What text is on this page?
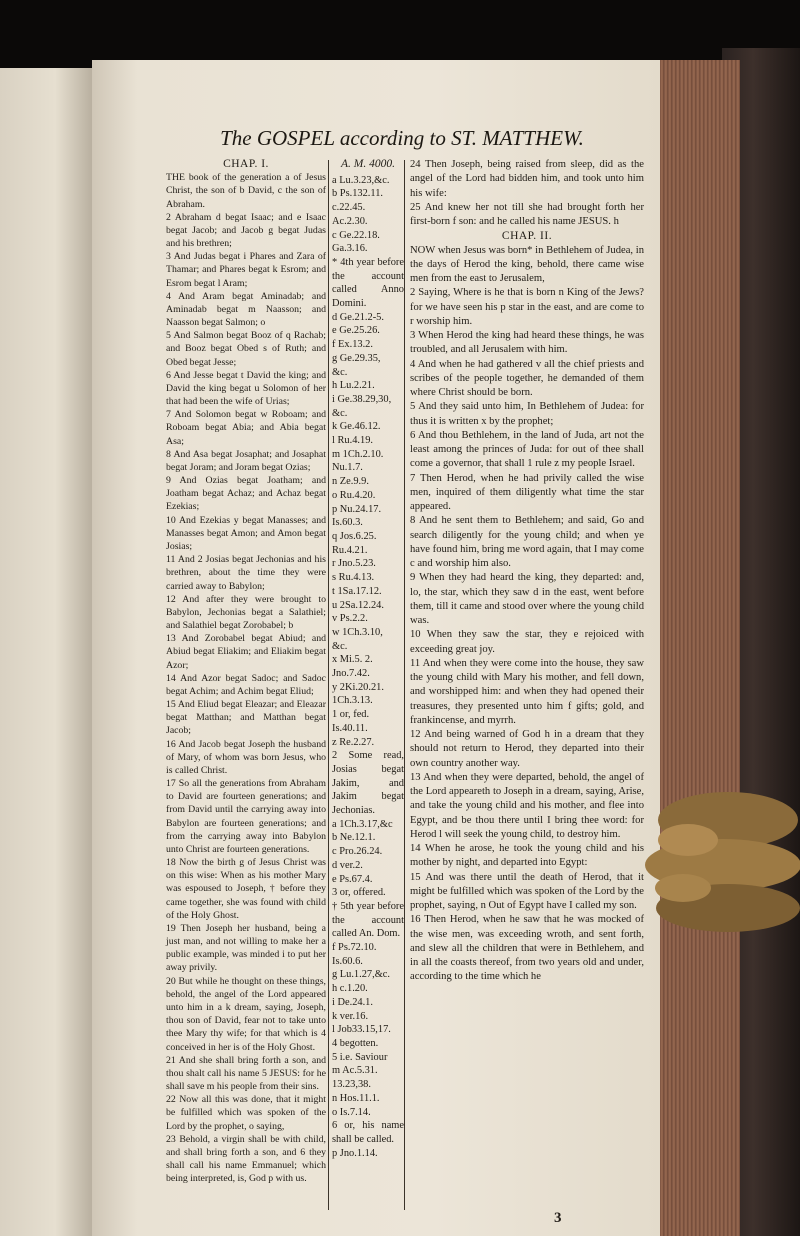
The GOSPEL according to ST. MATTHEW.
CHAP. I.
THE book of the generation a of Jesus Christ, the son of b David, c the son of Abraham.
2 Abraham d begat Isaac; and e Isaac begat Jacob; and Jacob g begat Judas and his brethren;
3 And Judas begat i Phares and Zara of Thamar; and Phares begat k Esrom; and Esrom begat l Aram;
4 And Aram begat Aminadab; and Aminadab begat m Naasson; and Naasson begat Salmon; o
5 And Salmon begat Booz of q Rachab; and Booz begat Obed s of Ruth; and Obed begat Jesse;
6 And Jesse begat t David the king; and David the king begat u Solomon of her that had been the wife of Urias;
7 And Solomon begat w Roboam; and Roboam begat Abia; and Abia begat Asa;
8 And Asa begat Josaphat; and Josaphat begat Joram; and Joram begat Ozias;
9 And Ozias begat Joatham; and Joatham begat Achaz; and Achaz begat Ezekias;
10 And Ezekias y begat Manasses; and Manasses begat Amon; and Amon begat Josias;
11 And 2 Josias begat Jechonias and his brethren, about the time they were carried away to Babylon;
12 And after they were brought to Babylon, Jechonias begat a Salathiel; and Salathiel begat Zorobabel; b
13 And Zorobabel begat Abiud; and Abiud begat Eliakim; and Eliakim begat Azor;
14 And Azor begat Sadoc; and Sadoc begat Achim; and Achim begat Eliud;
15 And Eliud begat Eleazar; and Eleazar begat Matthan; and Matthan begat Jacob;
16 And Jacob begat Joseph the husband of Mary, of whom was born Jesus, who is called Christ.
17 So all the generations from Abraham to David are fourteen generations; and from David until the carrying away into Babylon are fourteen generations; and from the carrying away into Babylon unto Christ are fourteen generations.
18 Now the birth g of Jesus Christ was on this wise: When as his mother Mary was espoused to Joseph, † before they came together, she was found with child of the Holy Ghost.
19 Then Joseph her husband, being a just man, and not willing to make her a public example, was minded i to put her away privily.
20 But while he thought on these things, behold, the angel of the Lord appeared unto him in a k dream, saying, Joseph, thou son of David, fear not to take unto thee Mary thy wife; for that which is 4 conceived in her is of the Holy Ghost.
21 And she shall bring forth a son, and thou shalt call his name 5 JESUS: for he shall save m his people from their sins.
22 Now all this was done, that it might be fulfilled which was spoken of the Lord by the prophet, o saying,
23 Behold, a virgin shall be with child, and shall bring forth a son, and 6 they shall call his name Emmanuel; which being interpreted, is, God p with us.
A. M. 4000.
a Lu.3.23,&c.
b Ps.132.11.
c.22.45.
Ac.2.30.
c Ge.22.18.
Ga.3.16.
* 4th year before the account called Anno Domini.
d Ge.21.2-5.
e Ge.25.26.
f Ex.13.2.
g Ge.29.35,
&c.
h Lu.2.21.
i Ge.38.29,30,
&c.
k Ge.46.12.
l Ru.4.19.
m 1Ch.2.10.
Nu.1.7.
n Ze.9.9.
o Ru.4.20.
p Nu.24.17.
Is.60.3.
q Jos.6.25.
Ru.4.21.
r Jno.5.23.
s Ru.4.13.
t 1Sa.17.12.
u 2Sa.12.24.
v Ps.2.2.
w 1Ch.3.10,
&c.
x Mi.5. 2.
Jno.7.42.
y 2Ki.20.21.
1Ch.3.13.
1 or, fed.
Is.40.11.
z Re.2.27.
2 Some read, Josias begat Jakim, and Jakim begat Jechonias.
a 1Ch.3.17,&c
b Ne.12.1.
c Pro.26.24.
d ver.2.
e Ps.67.4.
3 or, offered.
† 5th year before the account called An. Dom.
f Ps.72.10.
Is.60.6.
g Lu.1.27,&c.
h c.1.20.
i De.24.1.
k ver.16.
l Job33.15,17.
4 begotten.
5 i.e. Saviour
m Ac.5.31.
13.23,38.
n Hos.11.1.
o Is.7.14.
6 or, his name shall be called.
p Jno.1.14.
24 Then Joseph, being raised from sleep, did as the angel of the Lord had bidden him, and took unto him his wife:
25 And knew her not till she had brought forth her first-born f son: and he called his name JESUS. h
CHAP. II.
NOW when Jesus was born* in Bethlehem of Judea, in the days of Herod the king, behold, there came wise men from the east to Jerusalem,
2 Saying, Where is he that is born n King of the Jews? for we have seen his p star in the east, and are come to r worship him.
3 When Herod the king had heard these things, he was troubled, and all Jerusalem with him.
4 And when he had gathered v all the chief priests and scribes of the people together, he demanded of them where Christ should be born.
5 And they said unto him, In Bethlehem of Judea: for thus it is written x by the prophet;
6 And thou Bethlehem, in the land of Juda, art not the least among the princes of Juda: for out of thee shall come a governor, that shall 1 rule z my people Israel.
7 Then Herod, when he had privily called the wise men, inquired of them diligently what time the star appeared.
8 And he sent them to Bethlehem; and said, Go and search diligently for the young child; and when ye have found him, bring me word again, that I may come c and worship him also.
9 When they had heard the king, they departed: and, lo, the star, which they saw d in the east, went before them, till it came and stood over where the young child was.
10 When they saw the star, they e rejoiced with exceeding great joy.
11 And when they were come into the house, they saw the young child with Mary his mother, and fell down, and worshipped him: and when they had opened their treasures, they presented unto him f gifts; gold, and frankincense, and myrrh.
12 And being warned of God h in a dream that they should not return to Herod, they departed into their own country another way.
13 And when they were departed, behold, the angel of the Lord appeareth to Joseph in a dream, saying, Arise, and take the young child and his mother, and flee into Egypt, and be thou there until I bring thee word: for Herod l will seek the young child, to destroy him.
14 When he arose, he took the young child and his mother by night, and departed into Egypt:
15 And was there until the death of Herod, that it might be fulfilled which was spoken of the Lord by the prophet, saying, n Out of Egypt have I called my son.
16 Then Herod, when he saw that he was mocked of the wise men, was exceeding wroth, and sent forth, and slew all the children that were in Bethlehem, and in all the coasts thereof, from two years old and under, according to the time which he
3
